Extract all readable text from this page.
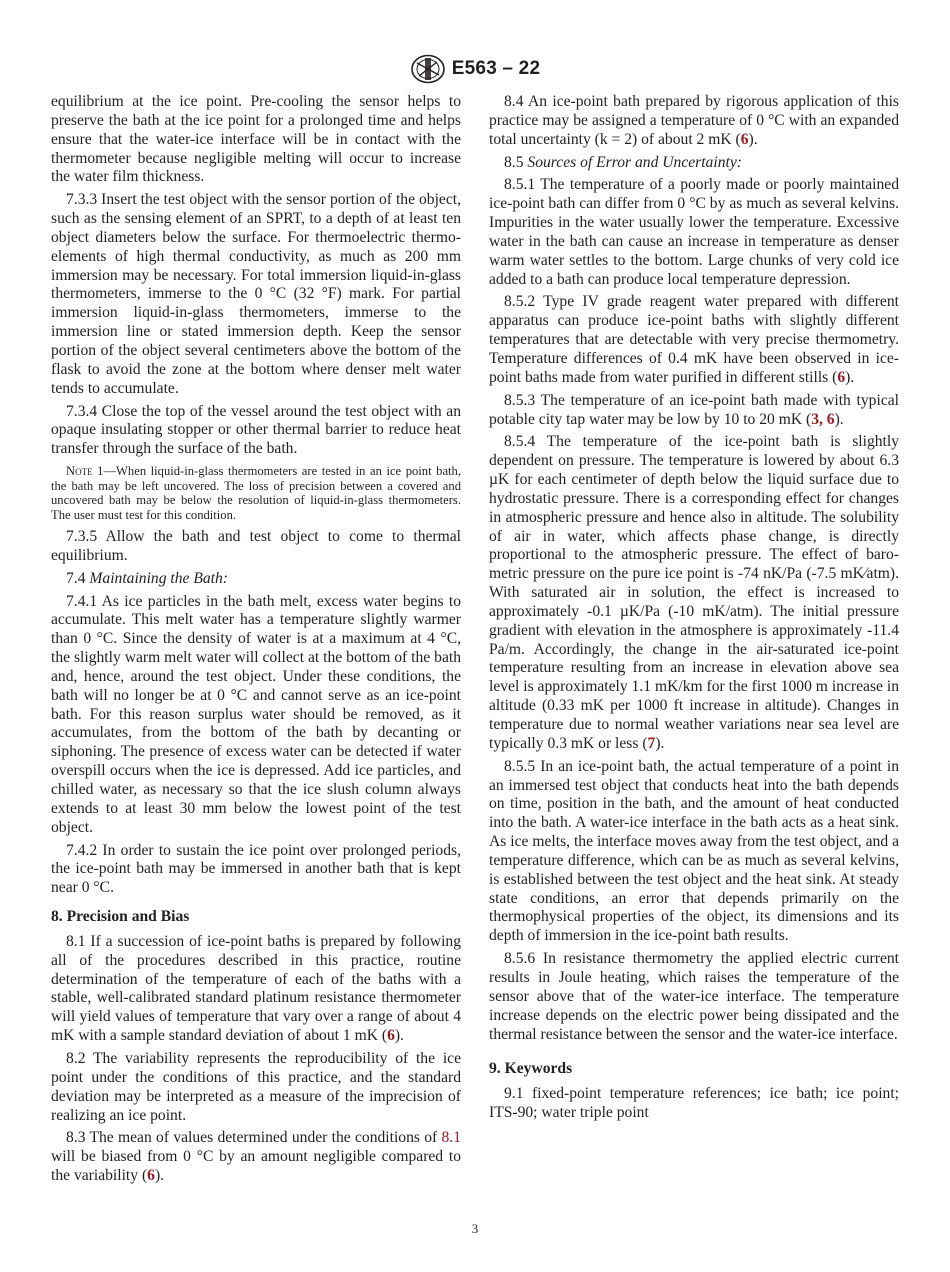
E563 – 22

equilibrium at the ice point. Pre-cooling the sensor helps to preserve the bath at the ice point for a prolonged time and helps ensure that the water-ice interface will be in contact with the thermometer because negligible melting will occur to increase the water film thickness.

7.3.3 Insert the test object with the sensor portion of the object, such as the sensing element of an SPRT, to a depth of at least ten object diameters below the surface. For thermoelectric thermo-elements of high thermal conductivity, as much as 200 mm immersion may be necessary. For total immersion liquid-in-glass thermometers, immerse to the 0 °C (32 °F) mark. For partial immersion liquid-in-glass thermometers, immerse to the immersion line or stated immersion depth. Keep the sensor portion of the object several centimeters above the bottom of the flask to avoid the zone at the bottom where denser melt water tends to accumulate.

7.3.4 Close the top of the vessel around the test object with an opaque insulating stopper or other thermal barrier to reduce heat transfer through the surface of the bath.

Note 1—When liquid-in-glass thermometers are tested in an ice point bath, the bath may be left uncovered. The loss of precision between a covered and uncovered bath may be below the resolution of liquid-in-glass thermometers. The user must test for this condition.

7.3.5 Allow the bath and test object to come to thermal equilibrium.

7.4 Maintaining the Bath:

7.4.1 As ice particles in the bath melt, excess water begins to accumulate. This melt water has a temperature slightly warmer than 0 °C. Since the density of water is at a maximum at 4 °C, the slightly warm melt water will collect at the bottom of the bath and, hence, around the test object. Under these conditions, the bath will no longer be at 0 °C and cannot serve as an ice-point bath. For this reason surplus water should be removed, as it accumulates, from the bottom of the bath by decanting or siphoning. The presence of excess water can be detected if water overspill occurs when the ice is depressed. Add ice particles, and chilled water, as necessary so that the ice slush column always extends to at least 30 mm below the lowest point of the test object.

7.4.2 In order to sustain the ice point over prolonged periods, the ice-point bath may be immersed in another bath that is kept near 0 °C.

8. Precision and Bias

8.1 If a succession of ice-point baths is prepared by following all of the procedures described in this practice, routine determination of the temperature of each of the baths with a stable, well-calibrated standard platinum resistance thermometer will yield values of temperature that vary over a range of about 4 mK with a sample standard deviation of about 1 mK (6).

8.2 The variability represents the reproducibility of the ice point under the conditions of this practice, and the standard deviation may be interpreted as a measure of the imprecision of realizing an ice point.

8.3 The mean of values determined under the conditions of 8.1 will be biased from 0 °C by an amount negligible compared to the variability (6).

8.4 An ice-point bath prepared by rigorous application of this practice may be assigned a temperature of 0 °C with an expanded total uncertainty (k = 2) of about 2 mK (6).

8.5 Sources of Error and Uncertainty:

8.5.1 The temperature of a poorly made or poorly maintained ice-point bath can differ from 0 °C by as much as several kelvins. Impurities in the water usually lower the temperature. Excessive water in the bath can cause an increase in temperature as denser warm water settles to the bottom. Large chunks of very cold ice added to a bath can produce local temperature depression.

8.5.2 Type IV grade reagent water prepared with different apparatus can produce ice-point baths with slightly different temperatures that are detectable with very precise thermometry. Temperature differences of 0.4 mK have been observed in ice-point baths made from water purified in different stills (6).

8.5.3 The temperature of an ice-point bath made with typical potable city tap water may be low by 10 to 20 mK (3, 6).

8.5.4 The temperature of the ice-point bath is slightly dependent on pressure. The temperature is lowered by about 6.3 µK for each centimeter of depth below the liquid surface due to hydrostatic pressure. There is a corresponding effect for changes in atmospheric pressure and hence also in altitude. The solubility of air in water, which affects phase change, is directly proportional to the atmospheric pressure. The effect of barometric pressure on the pure ice point is -74 nK/Pa (-7.5 mK⁄atm). With saturated air in solution, the effect is increased to approximately -0.1 µK/Pa (-10 mK/atm). The initial pressure gradient with elevation in the atmosphere is approximately -11.4 Pa/m. Accordingly, the change in the air-saturated ice-point temperature resulting from an increase in elevation above sea level is approximately 1.1 mK/km for the first 1000 m increase in altitude (0.33 mK per 1000 ft increase in altitude). Changes in temperature due to normal weather variations near sea level are typically 0.3 mK or less (7).

8.5.5 In an ice-point bath, the actual temperature of a point in an immersed test object that conducts heat into the bath depends on time, position in the bath, and the amount of heat conducted into the bath. A water-ice interface in the bath acts as a heat sink. As ice melts, the interface moves away from the test object, and a temperature difference, which can be as much as several kelvins, is established between the test object and the heat sink. At steady state conditions, an error that depends primarily on the thermophysical properties of the object, its dimensions and its depth of immersion in the ice-point bath results.

8.5.6 In resistance thermometry the applied electric current results in Joule heating, which raises the temperature of the sensor above that of the water-ice interface. The temperature increase depends on the electric power being dissipated and the thermal resistance between the sensor and the water-ice interface.

9. Keywords

9.1 fixed-point temperature references; ice bath; ice point; ITS-90; water triple point

3
